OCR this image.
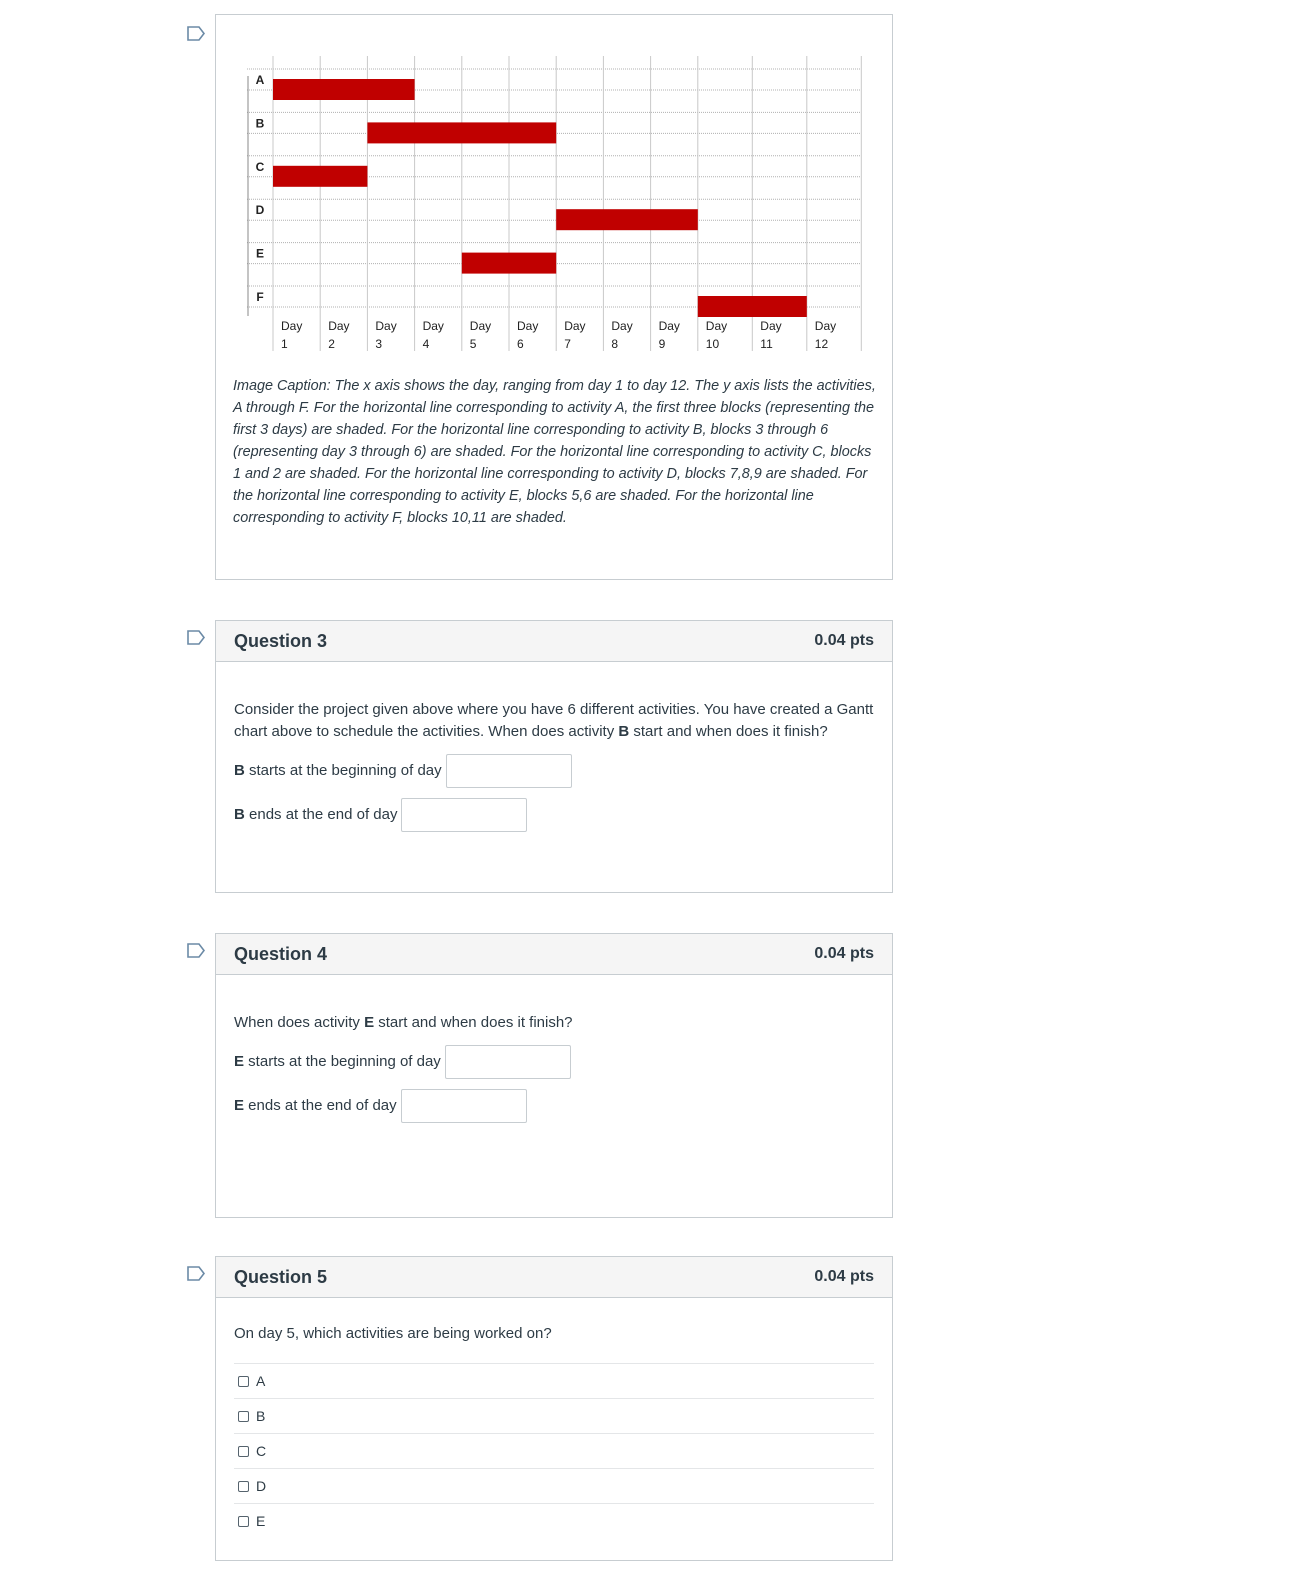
A
B
C
D
E
F
Day
1
Day
2
Day
3
Day
4
Day
5
Day
6
Day
7
Day
8
Day
9
Day
10
Day
11
Day
12
Image Caption: The x axis shows the day, ranging from day 1 to day 12. The y axis lists the activities, A through F. For the horizontal line corresponding to activity A, the first three blocks (representing the first 3 days) are shaded. For the horizontal line corresponding to activity B, blocks 3 through 6 (representing day 3 through 6) are shaded. For the horizontal line corresponding to activity C, blocks 1 and 2 are shaded. For the horizontal line corresponding to activity D, blocks 7,8,9 are shaded. For the horizontal line corresponding to activity E, blocks 5,6 are shaded. For the horizontal line corresponding to activity F, blocks 10,11 are shaded.
Question 3	0.04 pts
Consider the project given above where you have 6 different activities. You have created a Gantt chart above to schedule the activities. When does activity B start and when does it finish?
B starts at the beginning of day
B ends at the end of day
Question 4	0.04 pts
When does activity E start and when does it finish?
E starts at the beginning of day
E ends at the end of day
Question 5	0.04 pts
On day 5, which activities are being worked on?
A
B
C
D
E
